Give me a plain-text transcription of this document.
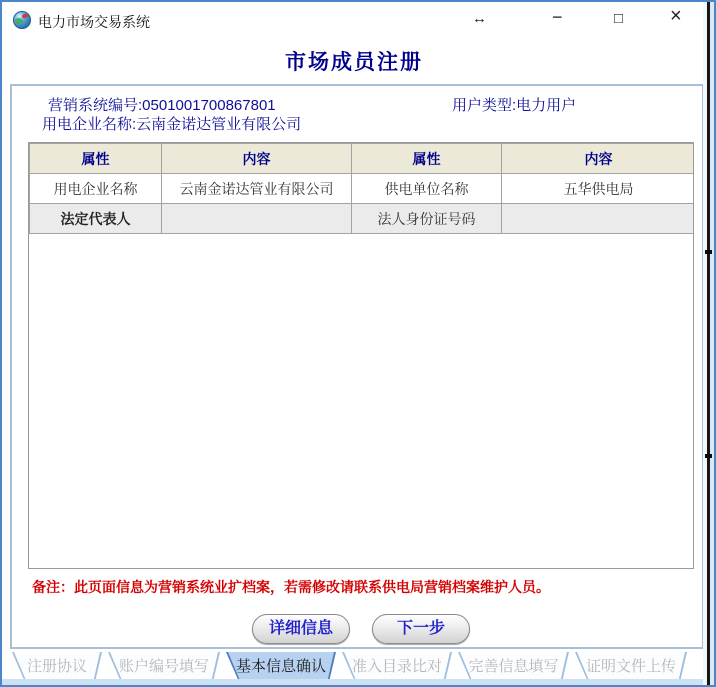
电力市场交易系统	↔	−	□ ×
市场成员注册
营销系统编号:0501001700867801	用户类型:电力用户
用电企业名称:云南金诺达管业有限公司
属性	内容	属性	内容
用电企业名称	云南金诺达管业有限公司	供电单位名称	五华供电局
法定代表人		法人身份证号码	
备注：此页面信息为营销系统业扩档案，若需修改请联系供电局营销档案维护人员。
详细信息	下一步
注册协议	账户编号填写	基本信息确认	准入目录比对	完善信息填写	证明文件上传
